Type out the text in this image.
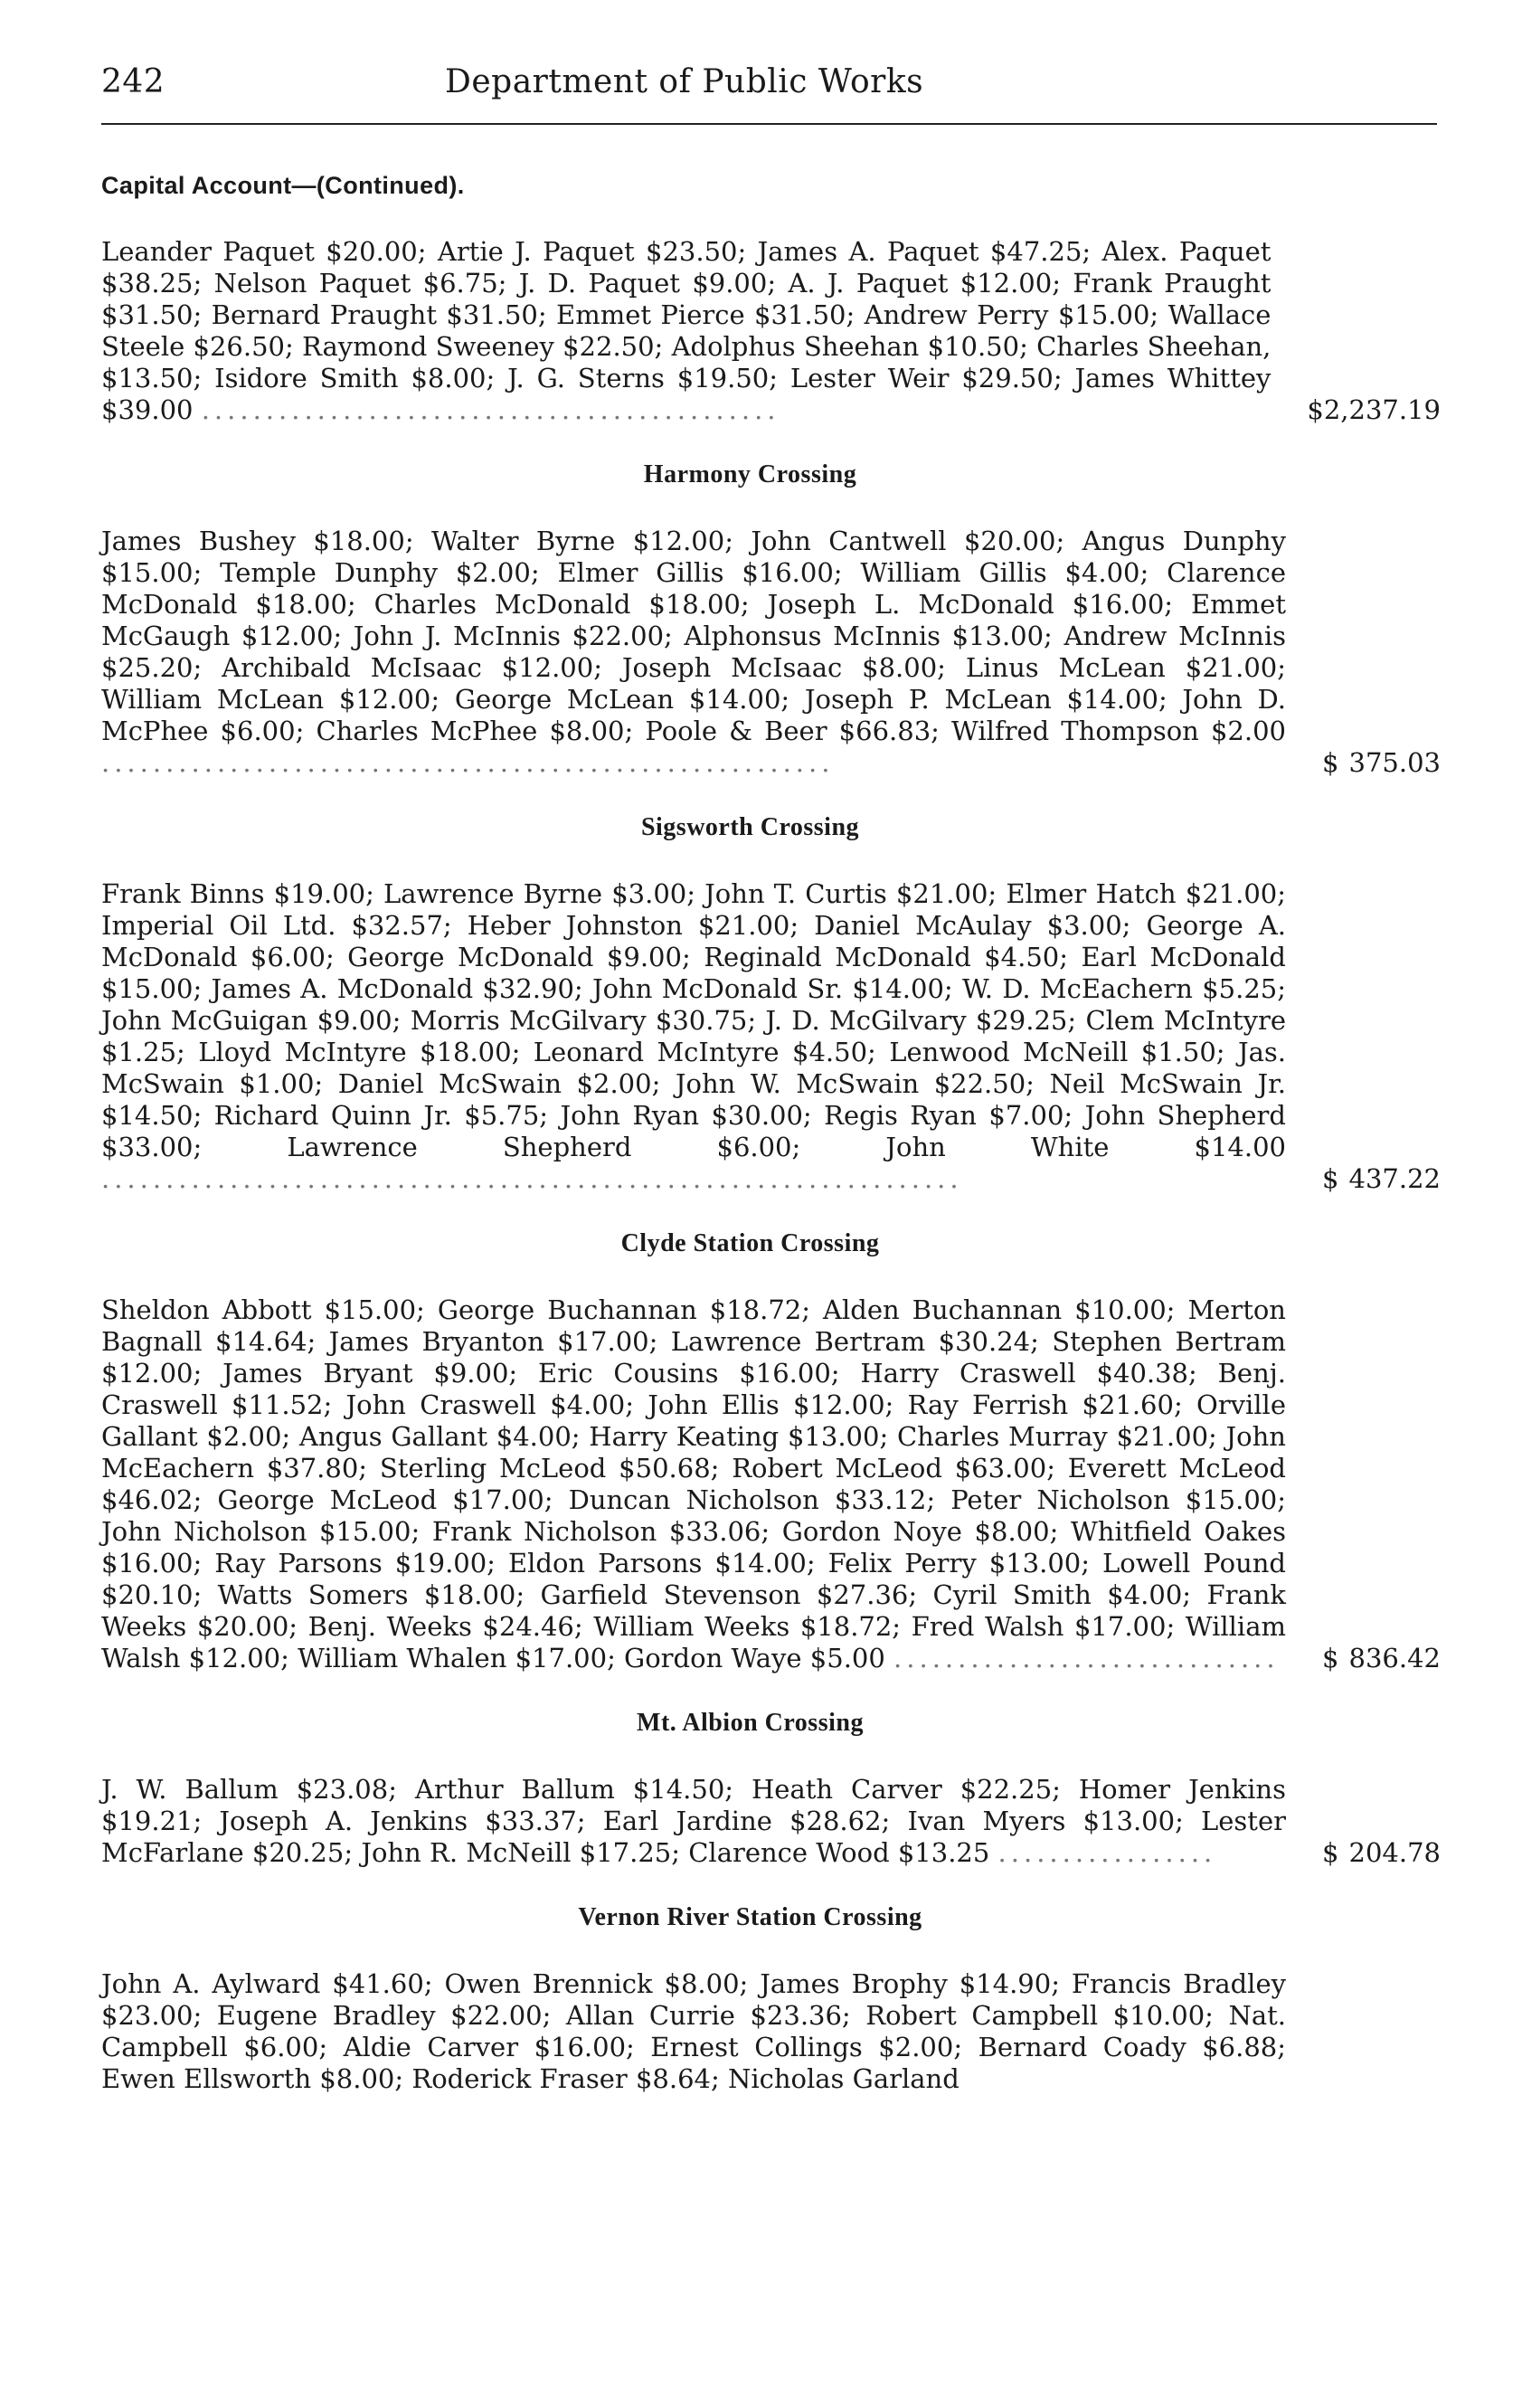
242	Department of Public Works
Capital Account—(Continued).
Leander Paquet $20.00; Artie J. Paquet $23.50; James A. Paquet $47.25; Alex. Paquet $38.25; Nelson Paquet $6.75; J. D. Paquet $9.00; A. J. Paquet $12.00; Frank Praught $31.50; Bernard Praught $31.50; Emmet Pierce $31.50; Andrew Perry $15.00; Wallace Steele $26.50; Raymond Sweeney $22.50; Adolphus Sheehan $10.50; Charles Sheehan, $13.50; Isidore Smith $8.00; J. G. Sterns $19.50; Lester Weir $29.50; James Whittey $39.00 .............................................	$ 2,237.19
Harmony Crossing
James Bushey $18.00; Walter Byrne $12.00; John Cantwell $20.00; Angus Dunphy $15.00; Temple Dunphy $2.00; Elmer Gillis $16.00; William Gillis $4.00; Clarence McDonald $18.00; Charles McDonald $18.00; Joseph L. McDonald $16.00; Emmet McGaugh $12.00; John J. McInnis $22.00; Alphonsus McInnis $13.00; Andrew McInnis $25.20; Archibald McIsaac $12.00; Joseph McIsaac $8.00; Linus McLean $21.00; William McLean $12.00; George McLean $14.00; Joseph P. McLean $14.00; John D. McPhee $6.00; Charles McPhee $8.00; Poole & Beer $66.83; Wilfred Thompson $2.00 .........................................................	$ 375.03
Sigsworth Crossing
Frank Binns $19.00; Lawrence Byrne $3.00; John T. Curtis $21.00; Elmer Hatch $21.00; Imperial Oil Ltd. $32.57; Heber Johnston $21.00; Daniel McAulay $3.00; George A. McDonald $6.00; George McDonald $9.00; Reginald McDonald $4.50; Earl McDonald $15.00; James A. McDonald $32.90; John McDonald Sr. $14.00; W. D. McEachern $5.25; John McGuigan $9.00; Morris McGilvary $30.75; J. D. McGilvary $29.25; Clem McIntyre $1.25; Lloyd McIntyre $18.00; Leonard McIntyre $4.50; Lenwood McNeill $1.50; Jas. McSwain $1.00; Daniel McSwain $2.00; John W. McSwain $22.50; Neil McSwain Jr. $14.50; Richard Quinn Jr. $5.75; John Ryan $30.00; Regis Ryan $7.00; John Shepherd $33.00; Lawrence Shepherd $6.00; John White $14.00 ...................................................................	$ 437.22
Clyde Station Crossing
Sheldon Abbott $15.00; George Buchannan $18.72; Alden Buchannan $10.00; Merton Bagnall $14.64; James Bryanton $17.00; Lawrence Bertram $30.24; Stephen Bertram $12.00; James Bryant $9.00; Eric Cousins $16.00; Harry Craswell $40.38; Benj. Craswell $11.52; John Craswell $4.00; John Ellis $12.00; Ray Ferrish $21.60; Orville Gallant $2.00; Angus Gallant $4.00; Harry Keating $13.00; Charles Murray $21.00; John McEachern $37.80; Sterling McLeod $50.68; Robert McLeod $63.00; Everett McLeod $46.02; George McLeod $17.00; Duncan Nicholson $33.12; Peter Nicholson $15.00; John Nicholson $15.00; Frank Nicholson $33.06; Gordon Noye $8.00; Whitfield Oakes $16.00; Ray Parsons $19.00; Eldon Parsons $14.00; Felix Perry $13.00; Lowell Pound $20.10; Watts Somers $18.00; Garfield Stevenson $27.36; Cyril Smith $4.00; Frank Weeks $20.00; Benj. Weeks $24.46; William Weeks $18.72; Fred Walsh $17.00; William Walsh $12.00; William Whalen $17.00; Gordon Waye $5.00 .............................. $ 836.42
Mt. Albion Crossing
J. W. Ballum $23.08; Arthur Ballum $14.50; Heath Carver $22.25; Homer Jenkins $19.21; Joseph A. Jenkins $33.37; Earl Jardine $28.62; Ivan Myers $13.00; Lester McFarlane $20.25; John R. McNeill $17.25; Clarence Wood $13.25 .................	$ 204.78
Vernon River Station Crossing
John A. Aylward $41.60; Owen Brennick $8.00; James Brophy $14.90; Francis Bradley $23.00; Eugene Bradley $22.00; Allan Currie $23.36; Robert Campbell $10.00; Nat. Campbell $6.00; Aldie Carver $16.00; Ernest Collings $2.00; Bernard Coady $6.88; Ewen Ellsworth $8.00; Roderick Fraser $8.64; Nicholas Garland
